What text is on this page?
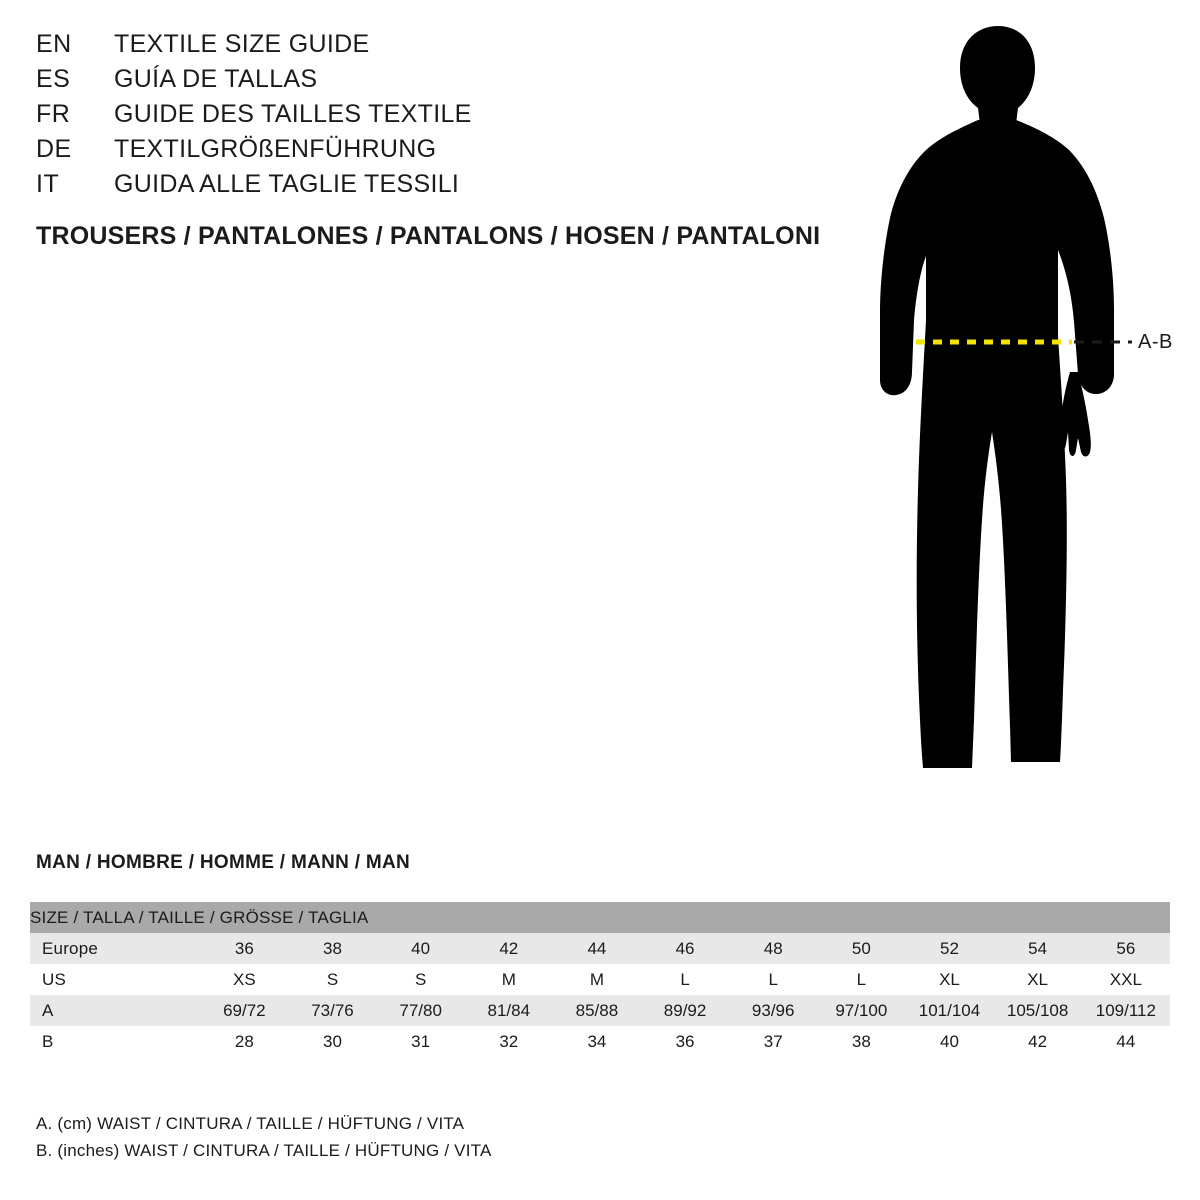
EN	TEXTILE SIZE GUIDE
ES	GUÍA DE TALLAS
FR	GUIDE DES TAILLES TEXTILE
DE	TEXTILGRÖßENFÜHRUNG
IT	GUIDA ALLE TAGLIE TESSILI
TROUSERS / PANTALONES / PANTALONS / HOSEN / PANTALONI
A-B
MAN / HOMBRE / HOMME / MANN / MAN
SIZE / TALLA / TAILLE / GRÖSSE / TAGLIA											
Europe	36	38	40	42	44	46	48	50	52	54	56
US	XS	S	S	M	M	L	L	L	XL	XL	XXL
A	69/72	73/76	77/80	81/84	85/88	89/92	93/96	97/100	101/104	105/108	109/112
B	28	30	31	32	34	36	37	38	40	42	44
A. (cm) WAIST / CINTURA / TAILLE / HÜFTUNG / VITA
B. (inches) WAIST / CINTURA / TAILLE / HÜFTUNG / VITA
